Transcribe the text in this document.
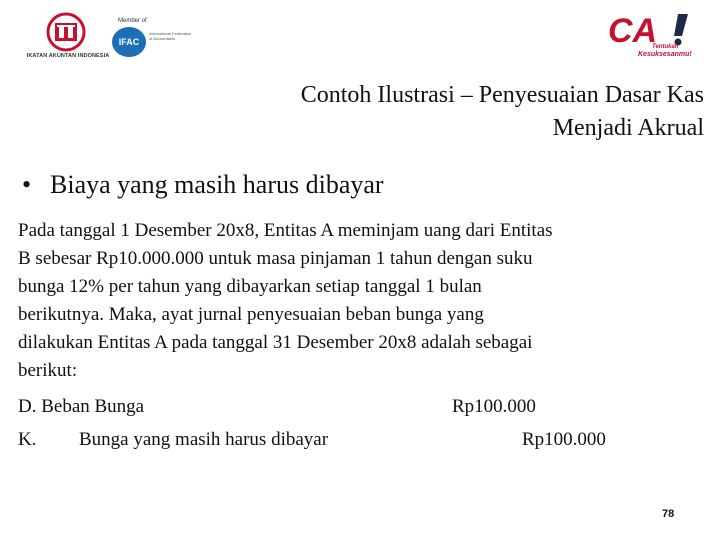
IKATAN AKUNTAN INDONESIA
Member of
IFAC
International Federation of Accountants	CA
Tentukan
Kesuksesanmu!
Contoh Ilustrasi – Penyesuaian Dasar Kas
Menjadi Akrual
• Biaya yang masih harus dibayar
Pada tanggal 1 Desember 20x8, Entitas A meminjam uang dari Entitas
B sebesar Rp10.000.000 untuk masa pinjaman 1 tahun dengan suku
bunga 12% per tahun yang dibayarkan setiap tanggal 1 bulan
berikutnya. Maka, ayat jurnal penyesuaian beban bunga yang
dilakukan Entitas A pada tanggal 31 Desember 20x8 adalah sebagai
berikut:
D. Beban Bunga	Rp100.000
K. Bunga yang masih harus dibayar	Rp100.000
78
